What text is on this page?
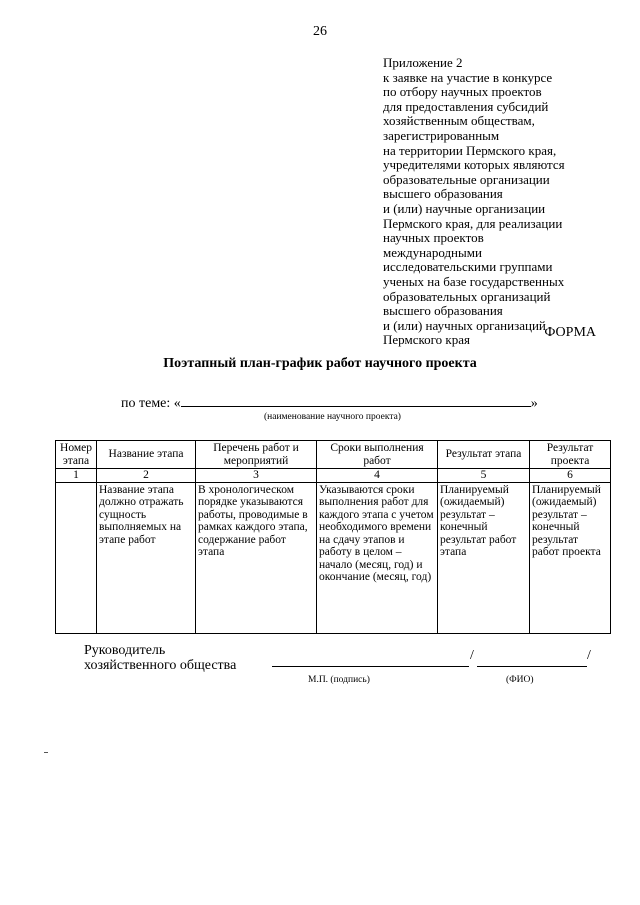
26
Приложение 2
к заявке на участие в конкурсе
по отбору научных проектов
для предоставления субсидий
хозяйственным обществам,
зарегистрированным
на территории Пермского края,
учредителями которых являются
образовательные организации
высшего образования
и (или) научные организации
Пермского края, для реализации
научных проектов
международными
исследовательскими группами
ученых на базе государственных
образовательных организаций
высшего образования
и (или) научных организаций
Пермского края	ФОРМА
Поэтапный план-график работ научного проекта
по теме: «	»
(наименование научного проекта)
Номер этапа	Название этапа	Перечень работ и мероприятий	Сроки выполнения работ	Результат этапа	Результат проекта
1	2	3	4	5	6
	Название этапа должно отражать сущность выполняемых на этапе работ	В хронологическом порядке указываются работы, проводимые в рамках каждого этапа, содержание работ этапа	Указываются сроки выполнения работ для каждого этапа с учетом необходимого времени на сдачу этапов и работу в целом – начало (месяц, год) и окончание (месяц, год)	Планируемый (ожидаемый) результат – конечный результат работ этапа	Планируемый (ожидаемый) результат – конечный результат работ проекта
Руководитель
хозяйственного общества
/	/
М.П. (подпись)	(ФИО)
